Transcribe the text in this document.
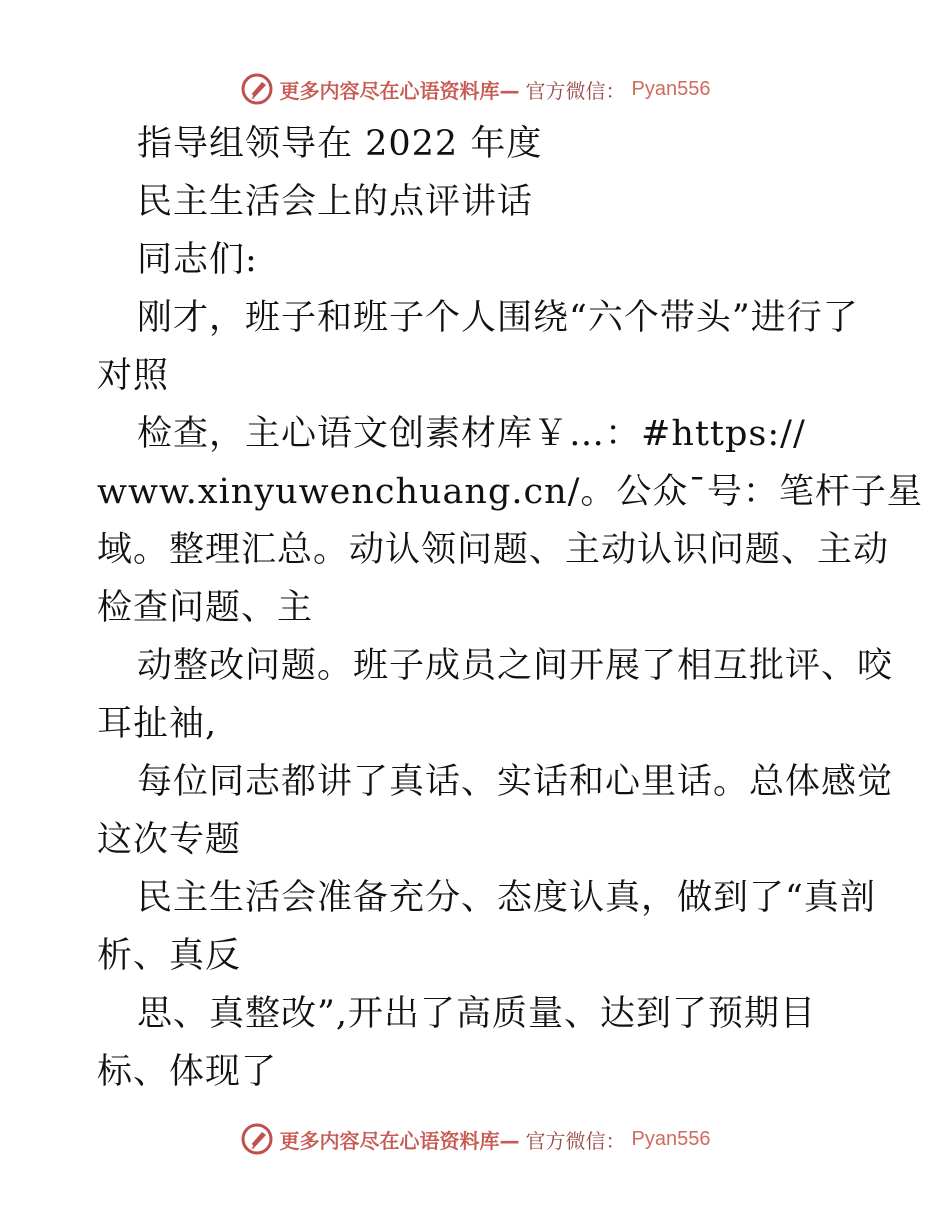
更多内容尽在心语资料库— 官方微信： Pyan556
指导组领导在 2022 年度
民主生活会上的点评讲话
同志们:
刚才，班子和班子个人围绕“六个带头”进行了
对照
检查，主心语文创素材库￥…：#https://
www.xinyuwenchuang.cn/。公众¯号：笔杆子星
域。整理汇总。动认领问题、主动认识问题、主动
检查问题、主
动整改问题。班子成员之间开展了相互批评、咬
耳扯袖,
每位同志都讲了真话、实话和心里话。总体感觉
这次专题
民主生活会准备充分、态度认真，做到了“真剖
析、真反
思、真整改”,开出了高质量、达到了预期目
标、体现了
更多内容尽在心语资料库— 官方微信： Pyan556
